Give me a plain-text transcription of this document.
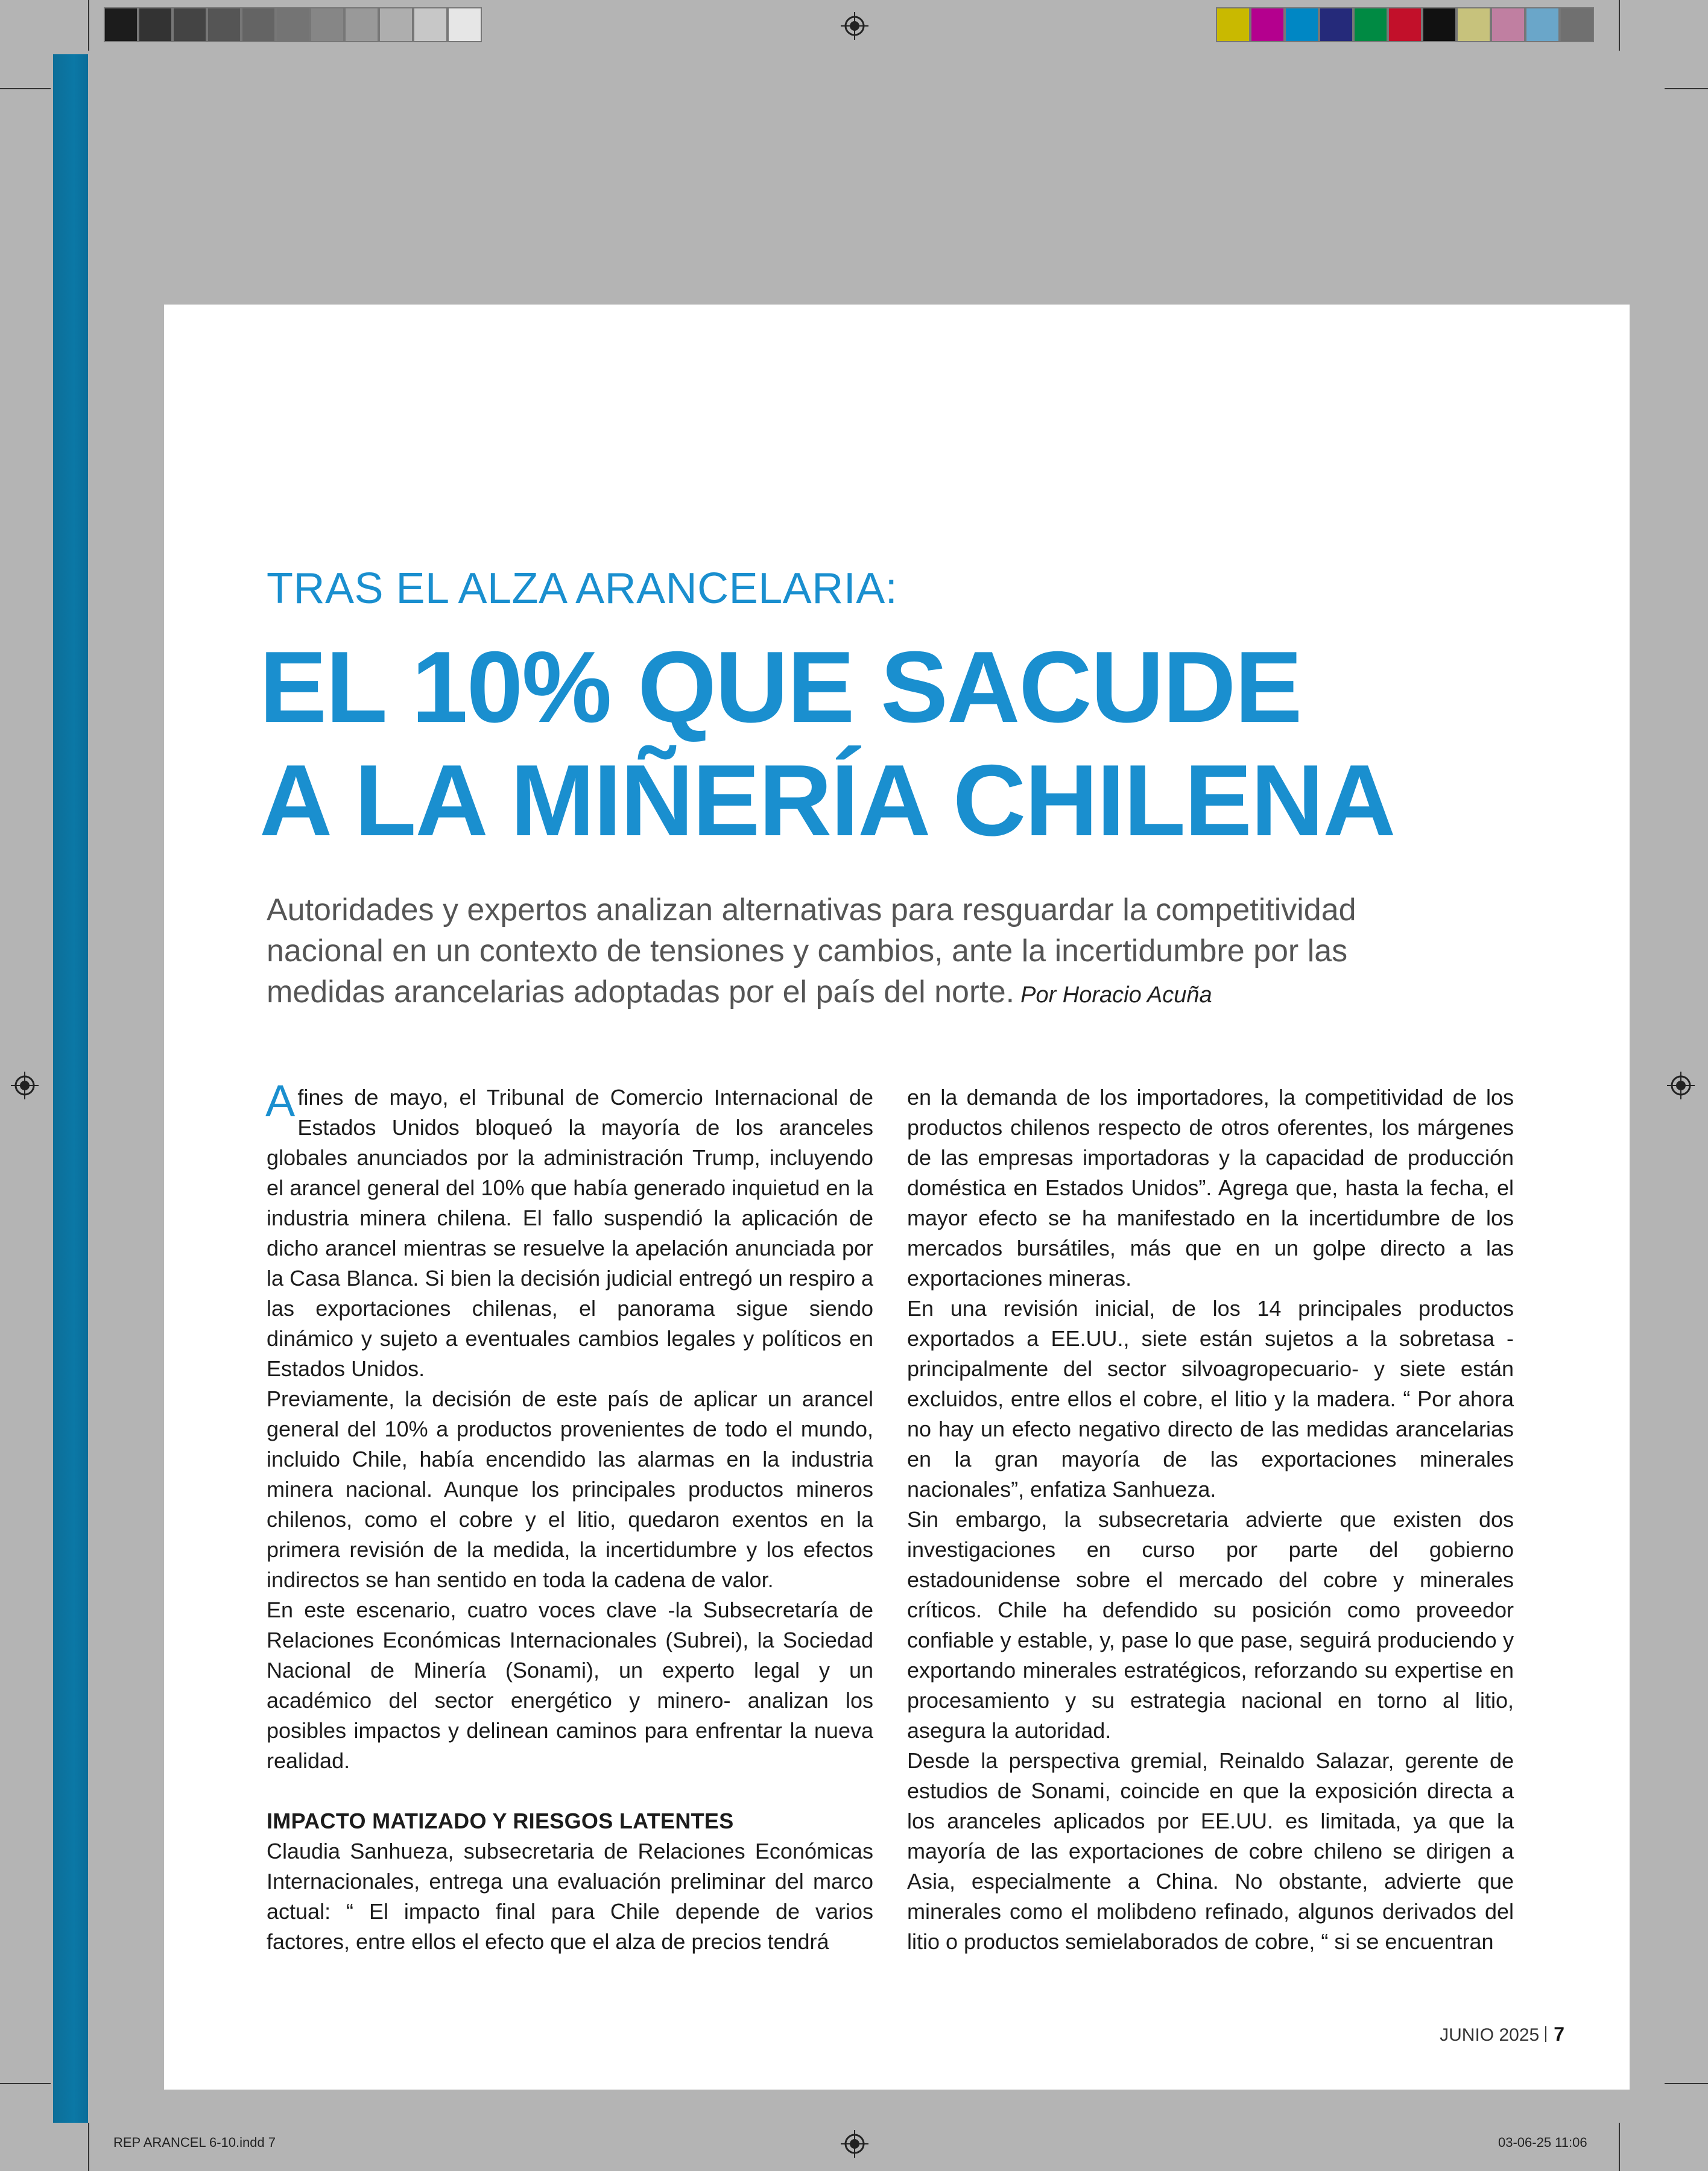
REP ARANCEL 6-10.indd 7	03-06-25 11:06
TRAS EL ALZA ARANCELARIA:
EL 10% QUE SACUDE
A LA MIÑERÍA CHILENA
Autoridades y expertos analizan alternativas para resguardar la competitividad
nacional en un contexto de tensiones y cambios, ante la incertidumbre por las
medidas arancelarias adoptadas por el país del norte. Por Horacio Acuña

A fines de mayo, el Tribunal de Comercio Internacional de Estados Unidos bloqueó la mayoría de los aranceles globales anunciados por la administración Trump, incluyendo el arancel general del 10% que había generado inquietud en la industria minera chilena. El fallo suspendió la aplicación de dicho arancel mientras se resuelve la apelación anunciada por la Casa Blanca. Si bien la decisión judicial entregó un respiro a las exportaciones chilenas, el panorama sigue siendo dinámico y sujeto a eventuales cambios legales y políticos en Estados Unidos.

Previamente, la decisión de este país de aplicar un arancel general del 10% a productos provenientes de todo el mundo, incluido Chile, había encendido las alarmas en la industria minera nacional. Aunque los principales productos mineros chilenos, como el cobre y el litio, quedaron exentos en la primera revisión de la medida, la incertidumbre y los efectos indirectos se han sentido en toda la cadena de valor.

En este escenario, cuatro voces clave -la Subsecretaría de Relaciones Económicas Internacionales (Subrei), la Sociedad Nacional de Minería (Sonami), un experto legal y un académico del sector energético y minero- analizan los posibles impactos y delinean caminos para enfrentar la nueva realidad.

IMPACTO MATIZADO Y RIESGOS LATENTES

Claudia Sanhueza, subsecretaria de Relaciones Económicas Internacionales, entrega una evaluación preliminar del marco actual: “ El impacto final para Chile depende de varios factores, entre ellos el efecto que el alza de precios tendrá

en la demanda de los importadores, la competitividad de los productos chilenos respecto de otros oferentes, los márgenes de las empresas importadoras y la capacidad de producción doméstica en Estados Unidos”. Agrega que, hasta la fecha, el mayor efecto se ha manifestado en la incertidumbre de los mercados bursátiles, más que en un golpe directo a las exportaciones mineras.

En una revisión inicial, de los 14 principales productos exportados a EE.UU., siete están sujetos a la sobretasa -principalmente del sector silvoagropecuario- y siete están excluidos, entre ellos el cobre, el litio y la madera. “ Por ahora no hay un efecto negativo directo de las medidas arancelarias en la gran mayoría de las exportaciones minerales nacionales”, enfatiza Sanhueza.

Sin embargo, la subsecretaria advierte que existen dos investigaciones en curso por parte del gobierno estadounidense sobre el mercado del cobre y minerales críticos. Chile ha defendido su posición como proveedor confiable y estable, y, pase lo que pase, seguirá produciendo y exportando minerales estratégicos, reforzando su expertise en procesamiento y su estrategia nacional en torno al litio, asegura la autoridad.

Desde la perspectiva gremial, Reinaldo Salazar, gerente de estudios de Sonami, coincide en que la exposición directa a los aranceles aplicados por EE.UU. es limitada, ya que la mayoría de las exportaciones de cobre chileno se dirigen a Asia, especialmente a China. No obstante, advierte que minerales como el molibdeno refinado, algunos derivados del litio o productos semielaborados de cobre, “ si se encuentran

JUNIO 2025 7
